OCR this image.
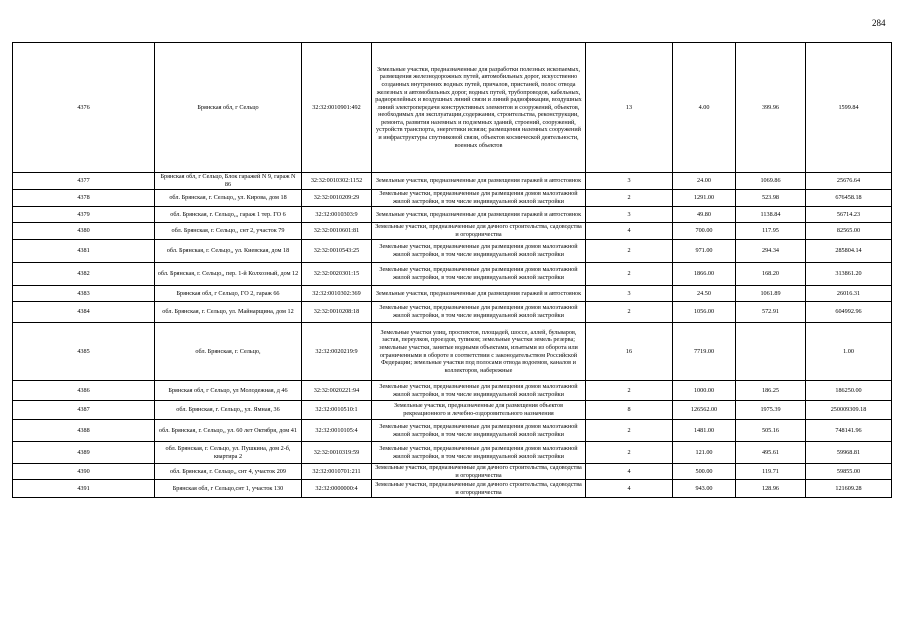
284
4376	Брянская обл, г Сельцо	32:32:0010901:492	Земельные участки, предназначенные для разработки полезных ископаемых, размещения железнодорожных путей, автомобильных дорог, искусственно созданных внутренних водных путей, причалов, пристаней, полос отвода железных и автомобильных дорог, водных путей, трубопроводов, кабельных, радиорелейных и воздушных линий связи и линий радиофикации, воздушных линий электропередачи конструктивных элементов и сооружений, объектов, необходимых для эксплуатации,содержания, строительства, реконструкции, ремонта, развития наземных и подземных зданий, строений, сооружений, устройств транспорта, энергетики исвязи; размещения наземных сооружений и инфраструктуры спутниковой связи, объектов космической деятельности, военных объектов	13	4.00	399.96	1599.84
4377	Брянская обл, г Сельцо, Блок гаражей N 9, гараж N 86	32:32:0010302:1152	Земельные участки, предназначенные для размещения гаражей и автостоянок	3	24.00	1069.86	25676.64
4378	обл. Брянская, г. Сельцо,, ул. Кирова, дом 18	32:32:0010209:29	Земельные участки, предназначенные для размещения домов малоэтажной жилой застройки, в том числе индивидуальной жилой застройки	2	1291.00	523.98	676458.18
4379	обл. Брянская, г. Сельцо,,, гараж 1 тер. ГО 6	32:32:0010303:9	Земельные участки, предназначенные для размещения гаражей и автостоянок	3	49.80	1138.84	56714.23
4380	обл. Брянская, г. Сельцо,, снт 2, участок 79	32:32:0010601:81	Земельные участки, предназначенные для дачного строительства, садоводства и огородничества	4	700.00	117.95	82565.00
4381	обл. Брянская, г. Сельцо,, ул. Киевская, дом 18	32:32:0010543:25	Земельные участки, предназначенные для размещения домов малоэтажной жилой застройки, в том числе индивидуальной жилой застройки	2	971.00	294.34	285804.14
4382	обл. Брянская, г. Сельцо,, пер. 1-й Колхозный, дом 12	32:32:0020301:15	Земельные участки, предназначенные для размещения домов малоэтажной жилой застройки, в том числе индивидуальной жилой застройки	2	1866.00	168.20	313861.20
4383	Брянская обл, г Сельцо, ГО 2, гараж 66	32:32:0010302:369	Земельные участки, предназначенные для размещения гаражей и автостоянок	3	24.50	1061.89	26016.31
4384	обл. Брянская, г. Сельцо, ул. Майнарщина, дом 12	32:32:0010208:18	Земельные участки, предназначенные для размещения домов малоэтажной жилой застройки, в том числе индивидуальной жилой застройки	2	1056.00	572.91	604992.96
4385	обл. Брянская, г. Сельцо,	32:32:0020219:9	Земельные участки улиц, проспектов, площадей, шоссе, аллей, бульваров, застав, переулков, проездов, тупиков; земельные участки земель резерва; земельные участки, занятые водными объектами, изъятыми из оборота или ограниченными в обороте в соответствии с законодательством Российской Федерации; земельные участки под полосами отвода водоемов, каналов и коллекторов, набережные	16	7719.00		1.00
4386	Брянская обл, г Сельцо, ул Молодежная, д 46	32:32:0020221:94	Земельные участки, предназначенные для размещения домов малоэтажной жилой застройки, в том числе индивидуальной жилой застройки	2	1000.00	186.25	186250.00
4387	обл. Брянская, г. Сельцо,, ул. Ямная, 36	32:32:0010510:1	Земельные участки, предназначенные для размещения объектов рекреационного и лечебно-оздоровительного назначения	8	126562.00	1975.39	250009309.18
4388	обл. Брянская, г. Сельцо,, ул. 60 лет Октября, дом 41	32:32:0010105:4	Земельные участки, предназначенные для размещения домов малоэтажной жилой застройки, в том числе индивидуальной жилой застройки	2	1481.00	505.16	748141.96
4389	обл. Брянская, г. Сельцо, ул. Пушкина, дом 2-б, квартира 2	32:32:0010319:59	Земельные участки, предназначенные для размещения домов малоэтажной жилой застройки, в том числе индивидуальной жилой застройки	2	121.00	495.61	59968.81
4390	обл. Брянская, г. Сельцо,, снт 4, участок 209	32:32:0010701:211	Земельные участки, предназначенные для дачного строительства, садоводства и огородничества	4	500.00	119.71	59855.00
4391	Брянская обл, г Сельцо,снт 1, участок 130	32:32:0000000:4	Земельные участки, предназначенные для дачного строительства, садоводства и огородничества	4	943.00	128.96	121609.28
